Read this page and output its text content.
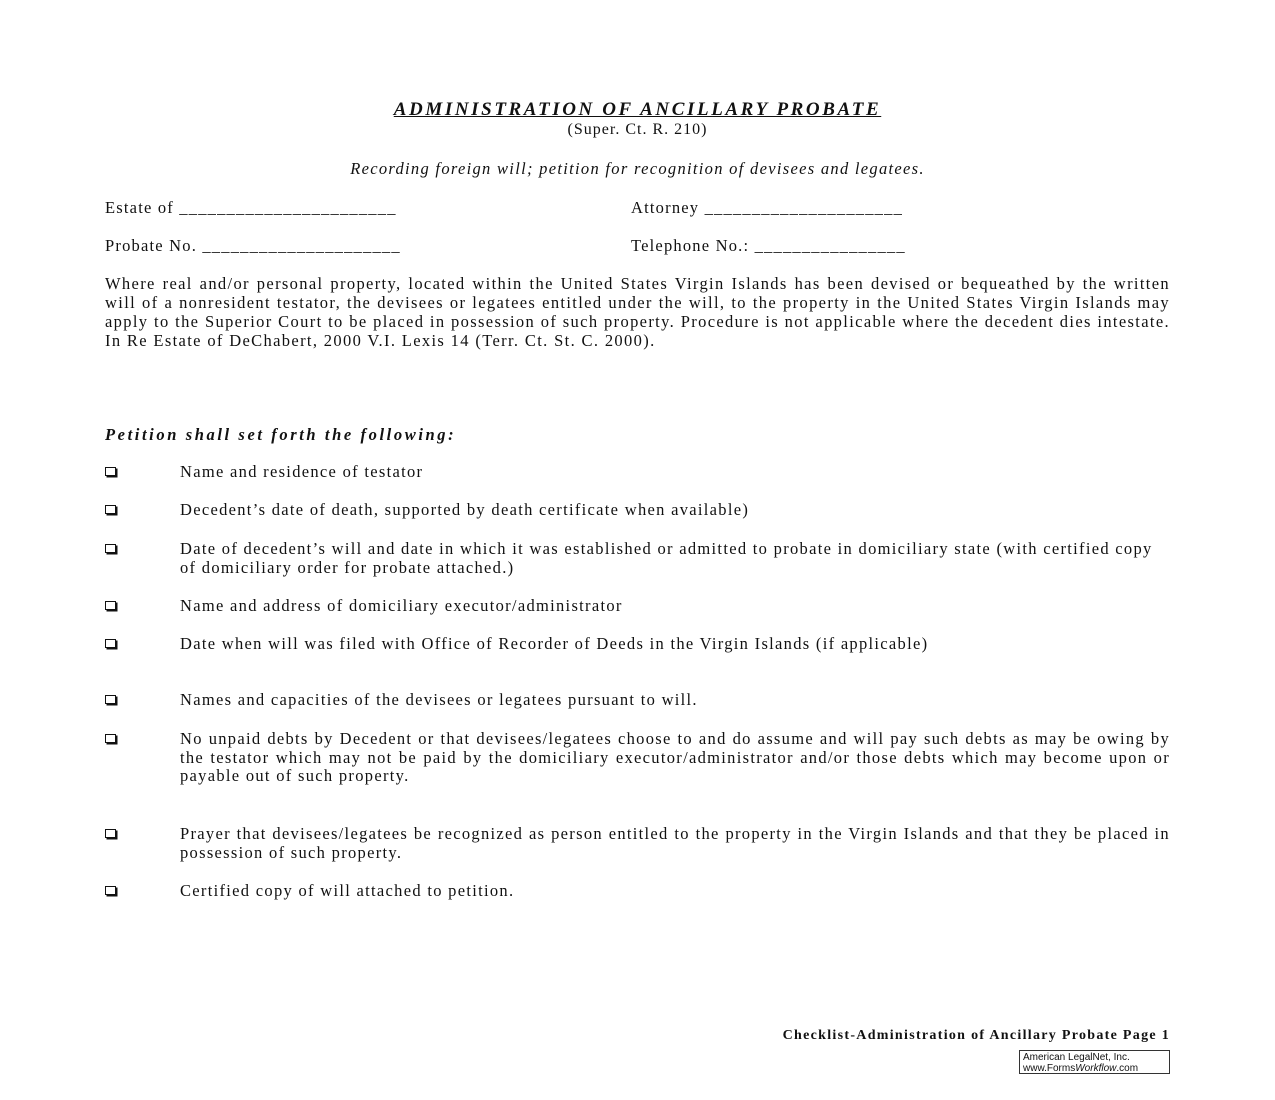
ADMINISTRATION OF ANCILLARY PROBATE
(Super. Ct. R. 210)
Recording foreign will; petition for recognition of devisees and legatees.
Estate of _______________________	Attorney _____________________
Probate No. _____________________	Telephone No.: ________________
Where real and/or personal property, located within the United States Virgin Islands has been devised or bequeathed by the written will of a nonresident testator, the devisees or legatees entitled under the will, to the property in the United States Virgin Islands may apply to the Superior Court to be placed in possession of such property. Procedure is not applicable where the decedent dies intestate. In Re Estate of DeChabert, 2000 V.I. Lexis 14 (Terr. Ct. St. C. 2000).
Petition shall set forth the following:
Name and residence of testator
Decedent’s date of death, supported by death certificate when available)
Date of decedent’s will and date in which it was established or admitted to probate in domiciliary state (with certified copy of domiciliary order for probate attached.)
Name and address of domiciliary executor/administrator
Date when will was filed with Office of Recorder of Deeds in the Virgin Islands (if applicable)
Names and capacities of the devisees or legatees pursuant to will.
No unpaid debts by Decedent or that devisees/legatees choose to and do assume and will pay such debts as may be owing by the testator which may not be paid by the domiciliary executor/administrator and/or those debts which may become upon or payable out of such property.
Prayer that devisees/legatees be recognized as person entitled to the property in the Virgin Islands and that they be placed in possession of such property.
Certified copy of will attached to petition.
Checklist-Administration of Ancillary Probate Page 1
American LegalNet, Inc.
www.FormsWorkflow.com
